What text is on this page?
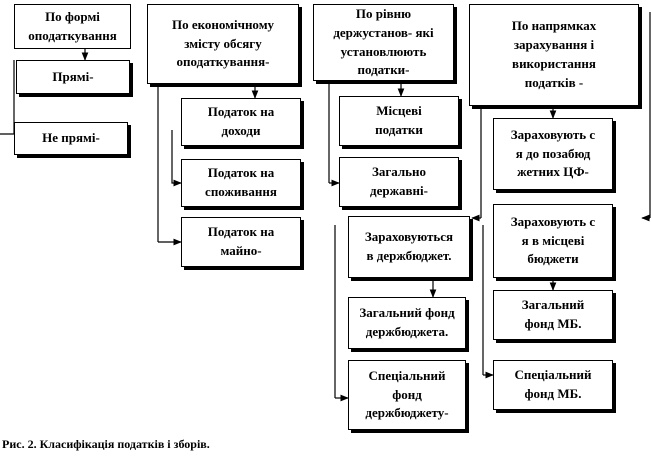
По формі
оподаткування
Прямі-
Не прямі-
По економічному
змісту обсягу
оподаткування-
Податок на
доходи
Податок на
споживання
Податок на
майно-
По рівню
держустанов- які
установлюють
податки-
Місцеві
податки
Загально
державні-
По напрямках
зарахування і
використання
податків -
Зараховують с
я до позабюд
жетних ЦФ-
Зараховують с
я в місцеві
бюджети
Загальний
фонд МБ.
Спеціальний
фонд МБ.
Зараховуються
в держбюджет.
Загальний фонд
держбюджета.
Спеціальний
фонд
держбюджету-
Рис. 2. Класифікація податків і зборів.
